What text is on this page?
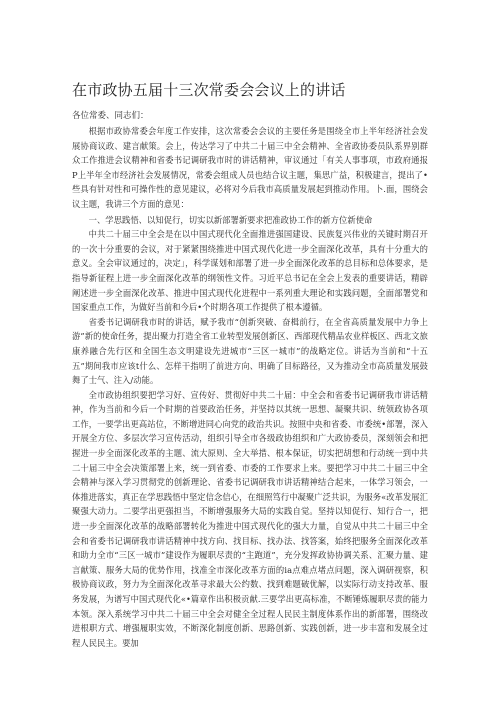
在市政协五届十三次常委会会议上的讲话

各位常委、同志们：

根据市政协常委会年度工作安排，这次常委会会议的主要任务是围绕全市上半年经济社会发展协商议政、建言献策。会上，传达学习了中共二十届三中全会精神、全省政协委员队系界别群众工作推进会议精神和省委书记调研我市时的讲话精神，审议通过「有关人事事项，市政府通报P上半年全市经济社会发展情况，常委会组成人员也结合议主题，集思广益，积极建言，提出了•些具有针对性和可操作性的意见建议，必将对今后我市高质量发展起到推动作用。卜.面，围绕会议主题，我讲三个方面的意见：

一、学思践悟、以知促行，切实以新部署新要求把准政协工作的新方位新使命

中共二十届三中全会是在以中国式现代化全面推进强国建设、民族复兴伟业的关键时期召开的一次十分重要的会议，对于紧紧围绕推进中国式现代化进一步全面深化改革，具有十分重大的意义。全会审议通过的，决定」，科学谋划和部署了进一步全面深化改革的总目标和总体要求，是指导新征程上进一步全面深化改革的纲领性文件。习近平总书记在全会上发表的重要讲话，精辟阐述进一步全面深化改革、推进中国式现代化进程中一系列重大理论和实践问题，全面部署党和国家重点工作，为做好当前和今后•个时期各项工作提供了根本遵循。

省委书记调研我市时的讲话，赋予我市“创新突破、奋楫前行，在全省高质量发展中力争上游”新的使命任务，提出聚力打造全省工业转型发展创新区、西部现代精品农业样板区、西北文旅康养融合先行区和全国生态文明建设先进城市“三区一城市”的战略定位。讲话为当前和“十五五”期间我市应该t什么、怎样干指明了前进方向、明确了目标路径，又为推动全市高质量发展鼓舞了士气、注入/动能。

全市政协组织要把学习好、宣传好、贯彻好中共二十届：中全会和省委书记调研我市讲话精神，作为当前和今后一个时期的首要政治任务，并坚持以其统一思想、凝聚共识、统领政协各项工作，一要学出更高站位，不断增进同心向党的政治共识。按照中央和省委、市委统•部署，深入开展全方位、多层次学习宣传活动，组织引导全市各级政协组织和广大政协委员，深刻领会和把握进一步全面深化改革的主题、流大原则、全大举措、根本保证，切实把胡想和行动统一到中共二十届三中全会决策部署上来，统一到省委、市委的工作要求上来。要把学习中共二十届三中全会精神与深入学习贯彻党的创新理论、省委书记调研我市讲话精神结合起来，一体学习领会，一体推进落实，真正在学思践悟中坚定信念信心，在细照笃行中凝聚广泛共识，为服务«改革发展汇聚强大动力。二要学出更强担当，不断增强服务大局的实践自觉。坚持以知促行、知行合一，把进一步全面深化改革的战略部署转化为推进中国式现代化的强大力量，自觉从中共二十届三中全会和省委书记调研我市讲话精神中找方向、找目标、找办法、找答案，始终把服务全面深化改革和助力全市“三区一城市”建设作为履职尽责的“主跑道”，充分发挥政协协调关系、汇聚力量、建言献策、服务大局的优势作用，找准全市深化改革方面的ia点难点堵点问题，深入调研视察，积极协商议政，努力为全面深化改革寻求最大公约数、找到难题破优解，以实际行动支持改革、服务发展，为谱写中国式现代化«•篇章作出积极贡献.三要学出更高标准，不断锤炼履职尽责的能力本领。深入系统学习中共二十届三中全会对健全全过程人民民主制度体系作出的新部署，围绕改进根职方式、增强履职实效，不断深化制度创新、思路创新、实践创新，进一步丰富和发展全过程人民民主。要加
